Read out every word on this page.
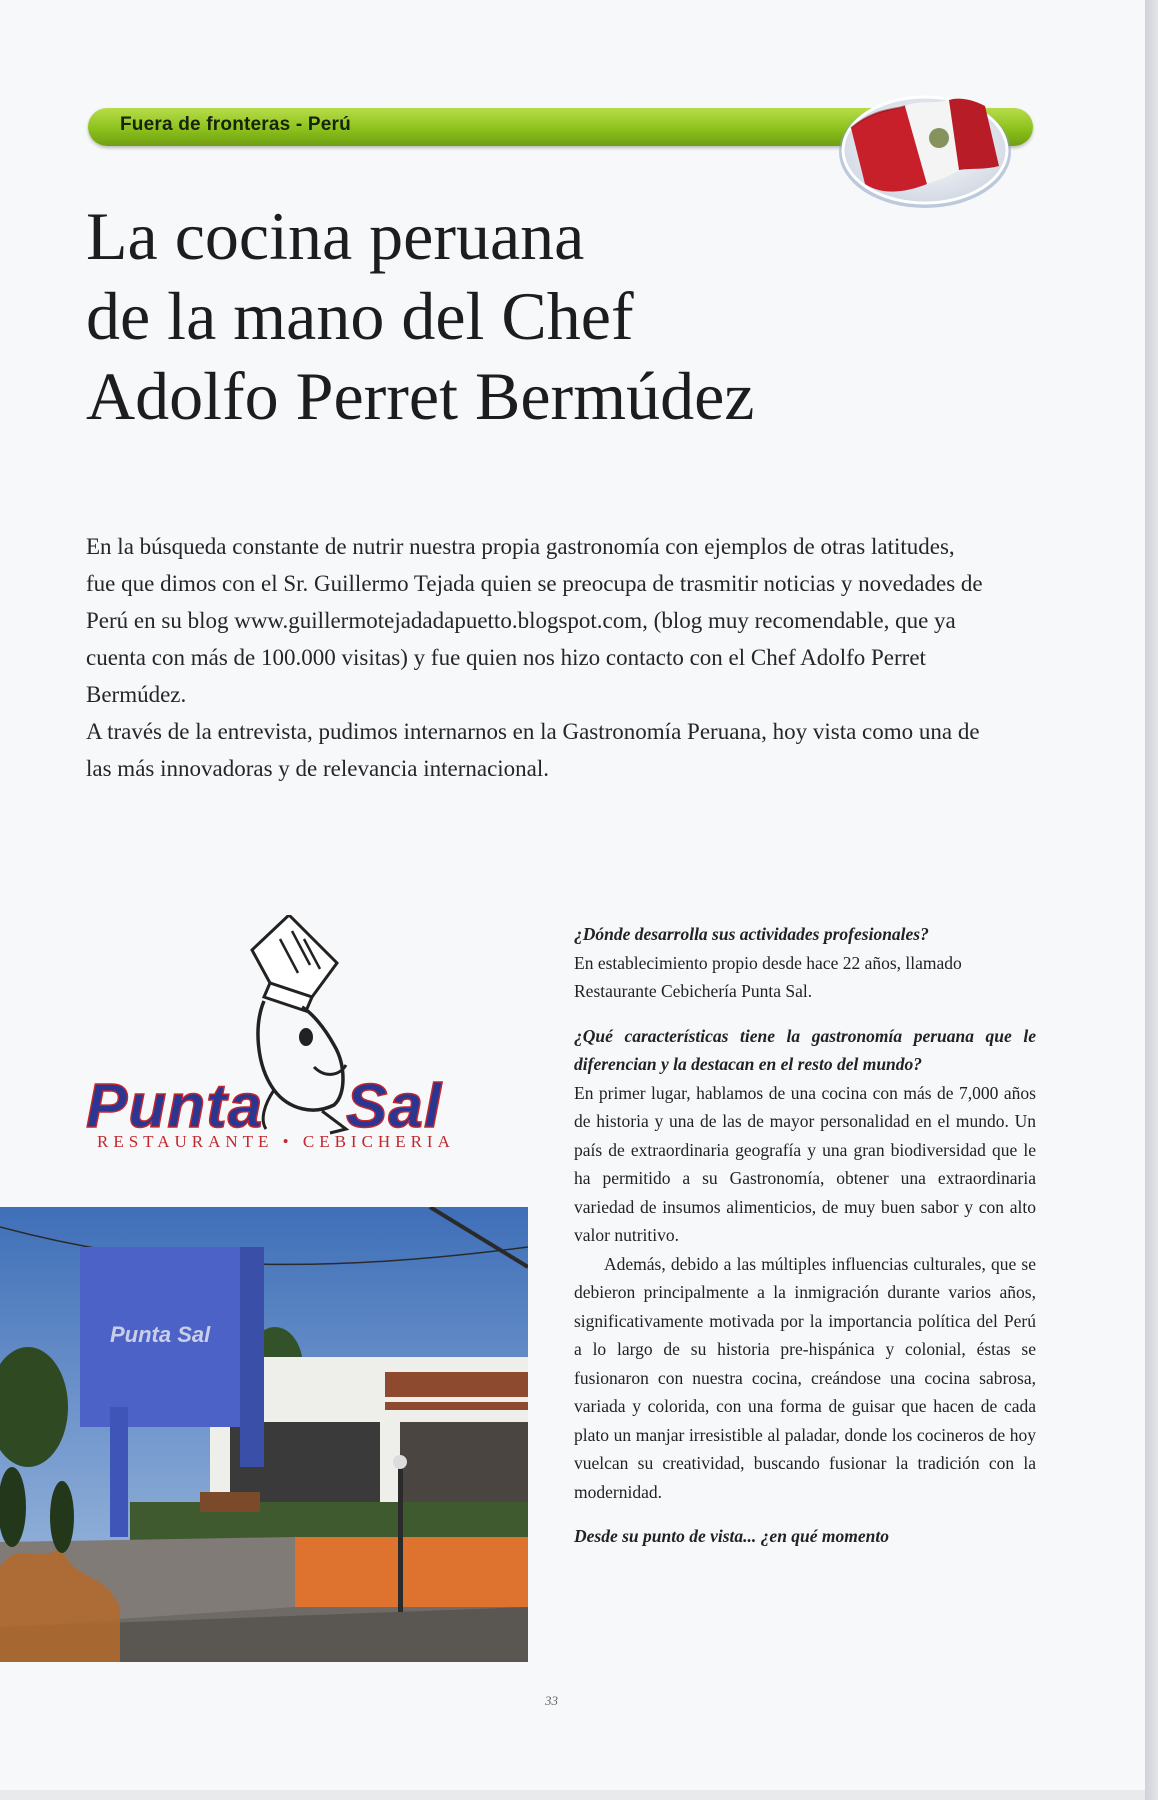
Fuera de fronteras - Perú
La cocina peruana
de la mano del Chef
Adolfo Perret Bermúdez

En la búsqueda constante de nutrir nuestra propia gastronomía con ejemplos de otras latitudes, fue que dimos con el Sr. Guillermo Tejada quien se preocupa de trasmitir noticias y novedades de Perú en su blog www.guillermotejadadapuetto.blogspot.com, (blog muy recomendable, que ya cuenta con más de 100.000 visitas) y fue quien nos hizo contacto con el Chef Adolfo Perret Bermúdez.

A través de la entrevista, pudimos internarnos en la Gastronomía Peruana, hoy vista como una de las más innovadoras y de relevancia internacional.

Punta Sal
RESTAURANTE • CEBICHERIA
Punta Sal

¿Dónde desarrolla sus actividades profesionales?

En establecimiento propio desde hace 22 años, llamado Restaurante Cebichería Punta Sal.

¿Qué características tiene la gastronomía peruana que le diferencian y la destacan en el resto del mundo?

En primer lugar, hablamos de una cocina con más de 7,000 años de historia y una de las de mayor personalidad en el mundo. Un país de extraordinaria geografía y una gran biodiversidad que le ha permitido a su Gastronomía, obtener una extraordinaria variedad de insumos alimenticios, de muy buen sabor y con alto valor nutritivo.

Además, debido a las múltiples influencias culturales, que se debieron principalmente a la inmigración durante varios años, significativamente motivada por la importancia política del Perú a lo largo de su historia pre-hispánica y colonial, éstas se fusionaron con nuestra cocina, creándose una cocina sabrosa, variada y colorida, con una forma de guisar que hacen de cada plato un manjar irresistible al paladar, donde los cocineros de hoy vuelcan su creatividad, buscando fusionar la tradición con la modernidad.

Desde su punto de vista... ¿en qué momento

33
